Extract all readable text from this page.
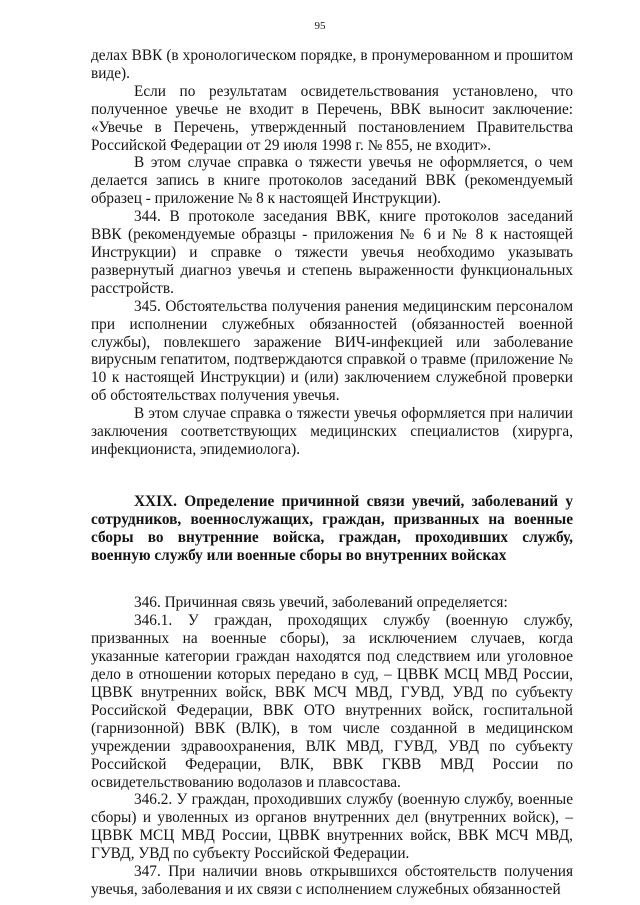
95

делах ВВК (в хронологическом порядке, в пронумерованном и прошитом виде).

Если по результатам освидетельствования установлено, что полученное увечье не входит в Перечень, ВВК выносит заключение: «Увечье в Перечень, утвержденный постановлением Правительства Российской Федерации от 29 июля 1998 г. № 855, не входит».

В этом случае справка о тяжести увечья не оформляется, о чем делается запись в книге протоколов заседаний ВВК (рекомендуемый образец - приложение № 8 к настоящей Инструкции).

344. В протоколе заседания ВВК, книге протоколов заседаний ВВК (рекомендуемые образцы - приложения № 6 и № 8 к настоящей Инструкции) и справке о тяжести увечья необходимо указывать развернутый диагноз увечья и степень выраженности функциональных расстройств.

345. Обстоятельства получения ранения медицинским персоналом при исполнении служебных обязанностей (обязанностей военной службы), повлекшего заражение ВИЧ-инфекцией или заболевание вирусным гепатитом, подтверждаются справкой о травме (приложение № 10 к настоящей Инструкции) и (или) заключением служебной проверки об обстоятельствах получения увечья.

В этом случае справка о тяжести увечья оформляется при наличии заключения соответствующих медицинских специалистов (хирурга, инфекциониста, эпидемиолога).

XXIX. Определение причинной связи увечий, заболеваний у сотрудников, военнослужащих, граждан, призванных на военные сборы во внутренние войска, граждан, проходивших службу, военную службу или военные сборы во внутренних войсках

346. Причинная связь увечий, заболеваний определяется:

346.1. У граждан, проходящих службу (военную службу, призванных на военные сборы), за исключением случаев, когда указанные категории граждан находятся под следствием или уголовное дело в отношении которых передано в суд, – ЦВВК МСЦ МВД России, ЦВВК внутренних войск, ВВК МСЧ МВД, ГУВД, УВД по субъекту Российской Федерации, ВВК ОТО внутренних войск, госпитальной (гарнизонной) ВВК (ВЛК), в том числе созданной в медицинском учреждении здравоохранения, ВЛК МВД, ГУВД, УВД по субъекту Российской Федерации, ВЛК, ВВК ГКВВ МВД России по освидетельствованию водолазов и плавсостава.

346.2. У граждан, проходивших службу (военную службу, военные сборы) и уволенных из органов внутренних дел (внутренних войск), – ЦВВК МСЦ МВД России, ЦВВК внутренних войск, ВВК МСЧ МВД, ГУВД, УВД по субъекту Российской Федерации.

347. При наличии вновь открывшихся обстоятельств получения увечья, заболевания и их связи с исполнением служебных обязанностей
